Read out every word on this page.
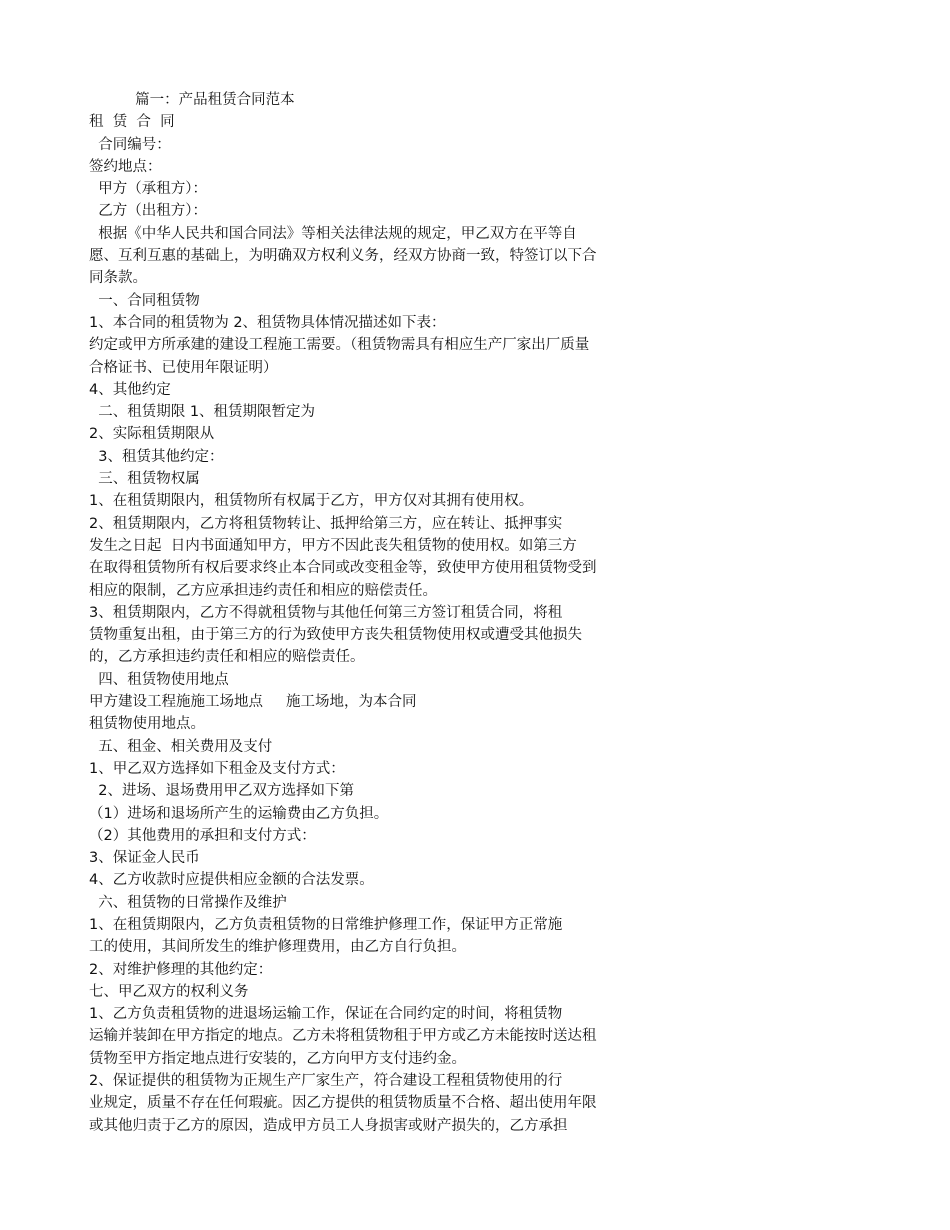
篇一：产品租赁合同范本
租  赁  合  同
合同编号：
签约地点：
甲方（承租方）：
乙方（出租方）：
根据《中华人民共和国合同法》等相关法律法规的规定，甲乙双方在平等自
愿、互利互惠的基础上，为明确双方权利义务，经双方协商一致，特签订以下合
同条款。
一、合同租赁物
1、本合同的租赁物为 2、租赁物具体情况描述如下表：
约定或甲方所承建的建设工程施工需要。（租赁物需具有相应生产厂家出厂质量
合格证书、已使用年限证明）
4、其他约定
二、租赁期限 1、租赁期限暂定为
2、实际租赁期限从
3、租赁其他约定：
三、租赁物权属
1、在租赁期限内，租赁物所有权属于乙方，甲方仅对其拥有使用权。
2、租赁期限内，乙方将租赁物转让、抵押给第三方，应在转让、抵押事实
发生之日起  日内书面通知甲方，甲方不因此丧失租赁物的使用权。如第三方
在取得租赁物所有权后要求终止本合同或改变租金等，致使甲方使用租赁物受到
相应的限制，乙方应承担违约责任和相应的赔偿责任。
3、租赁期限内，乙方不得就租赁物与其他任何第三方签订租赁合同，将租
赁物重复出租，由于第三方的行为致使甲方丧失租赁物使用权或遭受其他损失
的，乙方承担违约责任和相应的赔偿责任。
四、租赁物使用地点
甲方建设工程施施工场地点     施工场地，为本合同
租赁物使用地点。
五、租金、相关费用及支付
1、甲乙双方选择如下租金及支付方式：
2、进场、退场费用甲乙双方选择如下第
（1）进场和退场所产生的运输费由乙方负担。
（2）其他费用的承担和支付方式：
3、保证金人民币
4、乙方收款时应提供相应金额的合法发票。
六、租赁物的日常操作及维护
1、在租赁期限内，乙方负责租赁物的日常维护修理工作，保证甲方正常施
工的使用，其间所发生的维护修理费用，由乙方自行负担。
2、对维护修理的其他约定：
七、甲乙双方的权利义务
1、乙方负责租赁物的进退场运输工作，保证在合同约定的时间，将租赁物
运输并装卸在甲方指定的地点。乙方未将租赁物租于甲方或乙方未能按时送达租
赁物至甲方指定地点进行安装的，乙方向甲方支付违约金。
2、保证提供的租赁物为正规生产厂家生产，符合建设工程租赁物使用的行
业规定，质量不存在任何瑕疵。因乙方提供的租赁物质量不合格、超出使用年限
或其他归责于乙方的原因，造成甲方员工人身损害或财产损失的，乙方承担
